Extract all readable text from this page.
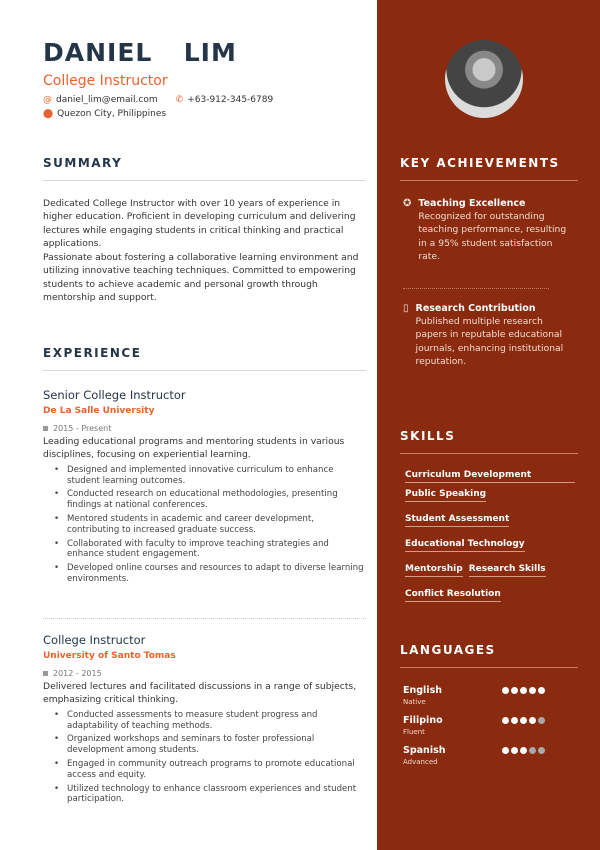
DANIEL  LIM
College Instructor
@ daniel_lim@email.com ✆ +63-912-345-6789
⬤ Quezon City, Philippines
SUMMARY
Dedicated College Instructor with over 10 years of experience in higher education. Proficient in developing curriculum and delivering lectures while engaging students in critical thinking and practical applications.
Passionate about fostering a collaborative learning environment and utilizing innovative teaching techniques. Committed to empowering students to achieve academic and personal growth through mentorship and support.
EXPERIENCE
Senior College Instructor
De La Salle University
2015 - Present
Leading educational programs and mentoring students in various disciplines, focusing on experiential learning.
• Designed and implemented innovative curriculum to enhance student learning outcomes.
• Conducted research on educational methodologies, presenting findings at national conferences.
• Mentored students in academic and career development, contributing to increased graduate success.
• Collaborated with faculty to improve teaching strategies and enhance student engagement.
• Developed online courses and resources to adapt to diverse learning environments.
College Instructor
University of Santo Tomas
2012 - 2015
Delivered lectures and facilitated discussions in a range of subjects, emphasizing critical thinking.
• Conducted assessments to measure student progress and adaptability of teaching methods.
• Organized workshops and seminars to foster professional development among students.
• Engaged in community outreach programs to promote educational access and equity.
• Utilized technology to enhance classroom experiences and student participation.
KEY ACHIEVEMENTS
✪ Teaching Excellence
Recognized for outstanding teaching performance, resulting in a 95% student satisfaction rate.
▯ Research Contribution
Published multiple research papers in reputable educational journals, enhancing institutional reputation.
SKILLS
Curriculum Development
Public Speaking
Student Assessment
Educational Technology
Mentorship Research Skills
Conflict Resolution
LANGUAGES
English
Native
Filipino
Fluent
Spanish
Advanced
